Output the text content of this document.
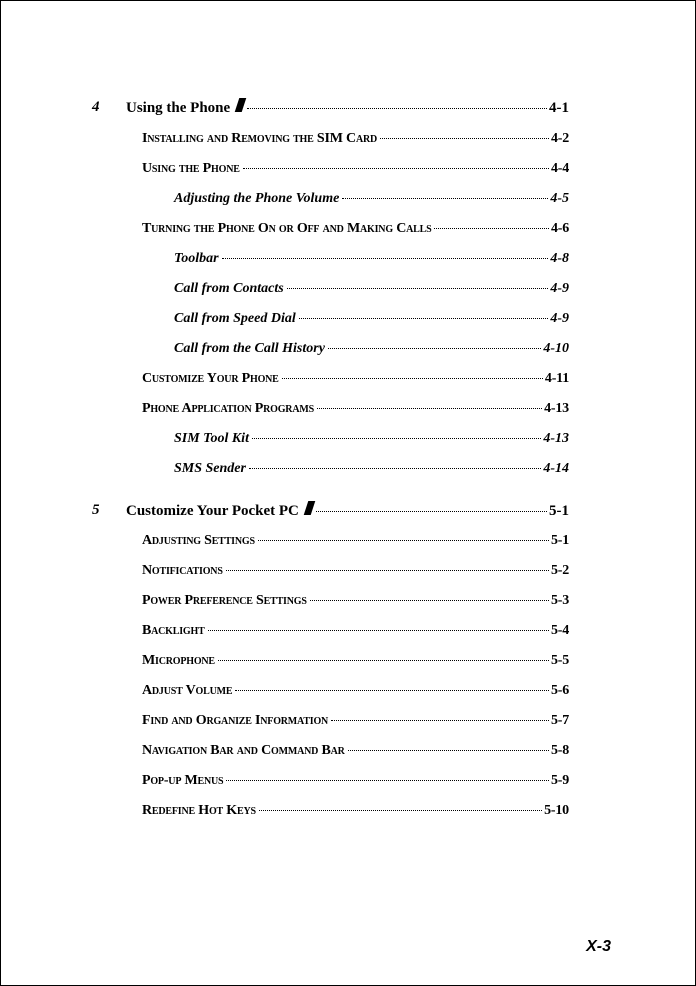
4 Using the Phone	4-1
Installing and Removing the SIM Card	4-2
Using the Phone	4-4
Adjusting the Phone Volume	4-5
Turning the Phone On or Off and Making Calls	4-6
Toolbar	4-8
Call from Contacts	4-9
Call from Speed Dial	4-9
Call from the Call History	4-10
Customize Your Phone	4-11
Phone Application Programs	4-13
SIM Tool Kit	4-13
SMS Sender	4-14
5 Customize Your Pocket PC	5-1
Adjusting Settings	5-1
Notifications	5-2
Power Preference Settings	5-3
Backlight	5-4
Microphone	5-5
Adjust Volume	5-6
Find and Organize Information	5-7
Navigation Bar and Command Bar	5-8
Pop-up Menus	5-9
Redefine Hot Keys	5-10
X-3
